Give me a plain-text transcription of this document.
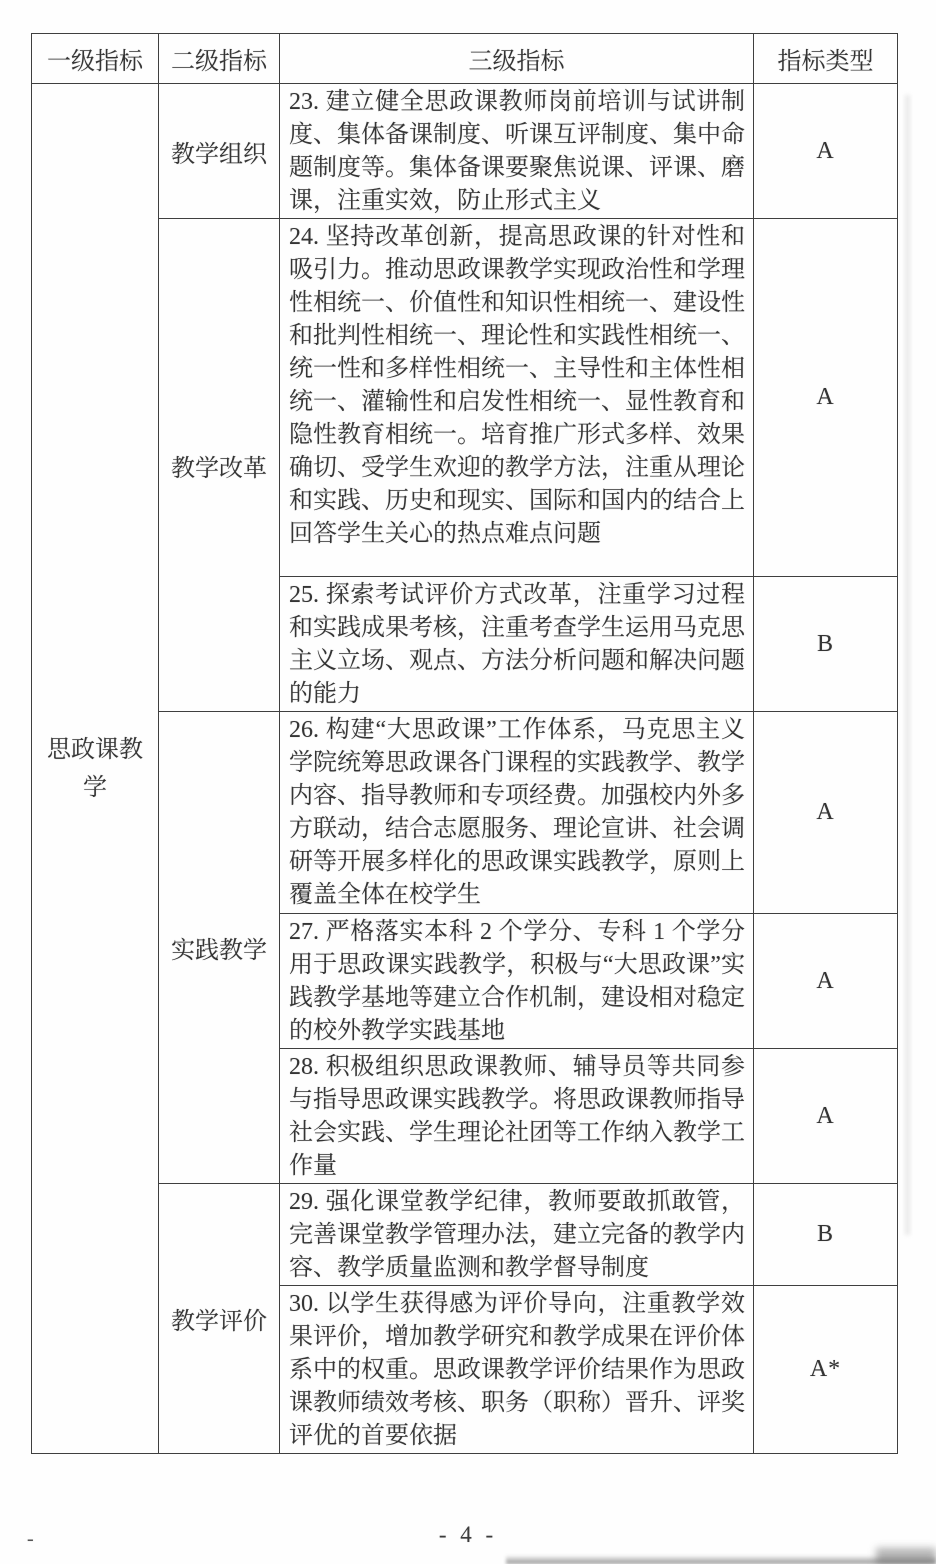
一级指标	二级指标	三级指标	指标类型
思政课教学	教学组织	23. 建立健全思政课教师岗前培训与试讲制度、集体备课制度、听课互评制度、集中命题制度等。集体备课要聚焦说课、评课、磨课，注重实效，防止形式主义	A
	教学改革	24. 坚持改革创新，提高思政课的针对性和吸引力。推动思政课教学实现政治性和学理性相统一、价值性和知识性相统一、建设性和批判性相统一、理论性和实践性相统一、统一性和多样性相统一、主导性和主体性相统一、灌输性和启发性相统一、显性教育和隐性教育相统一。培育推广形式多样、效果确切、受学生欢迎的教学方法，注重从理论和实践、历史和现实、国际和国内的结合上回答学生关心的热点难点问题	A
		25. 探索考试评价方式改革，注重学习过程和实践成果考核，注重考查学生运用马克思主义立场、观点、方法分析问题和解决问题的能力	B
	实践教学	26. 构建“大思政课”工作体系，马克思主义学院统筹思政课各门课程的实践教学、教学内容、指导教师和专项经费。加强校内外多方联动，结合志愿服务、理论宣讲、社会调研等开展多样化的思政课实践教学，原则上覆盖全体在校学生	A
		27. 严格落实本科 2 个学分、专科 1 个学分用于思政课实践教学，积极与“大思政课”实践教学基地等建立合作机制，建设相对稳定的校外教学实践基地	A
		28. 积极组织思政课教师、辅导员等共同参与指导思政课实践教学。将思政课教师指导社会实践、学生理论社团等工作纳入教学工作量	A
	教学评价	29. 强化课堂教学纪律，教师要敢抓敢管，完善课堂教学管理办法，建立完备的教学内容、教学质量监测和教学督导制度	B
		30. 以学生获得感为评价导向，注重教学效果评价，增加教学研究和教学成果在评价体系中的权重。思政课教学评价结果作为思政课教师绩效考核、职务（职称）晋升、评奖评优的首要依据	A*
-	- 4 -
